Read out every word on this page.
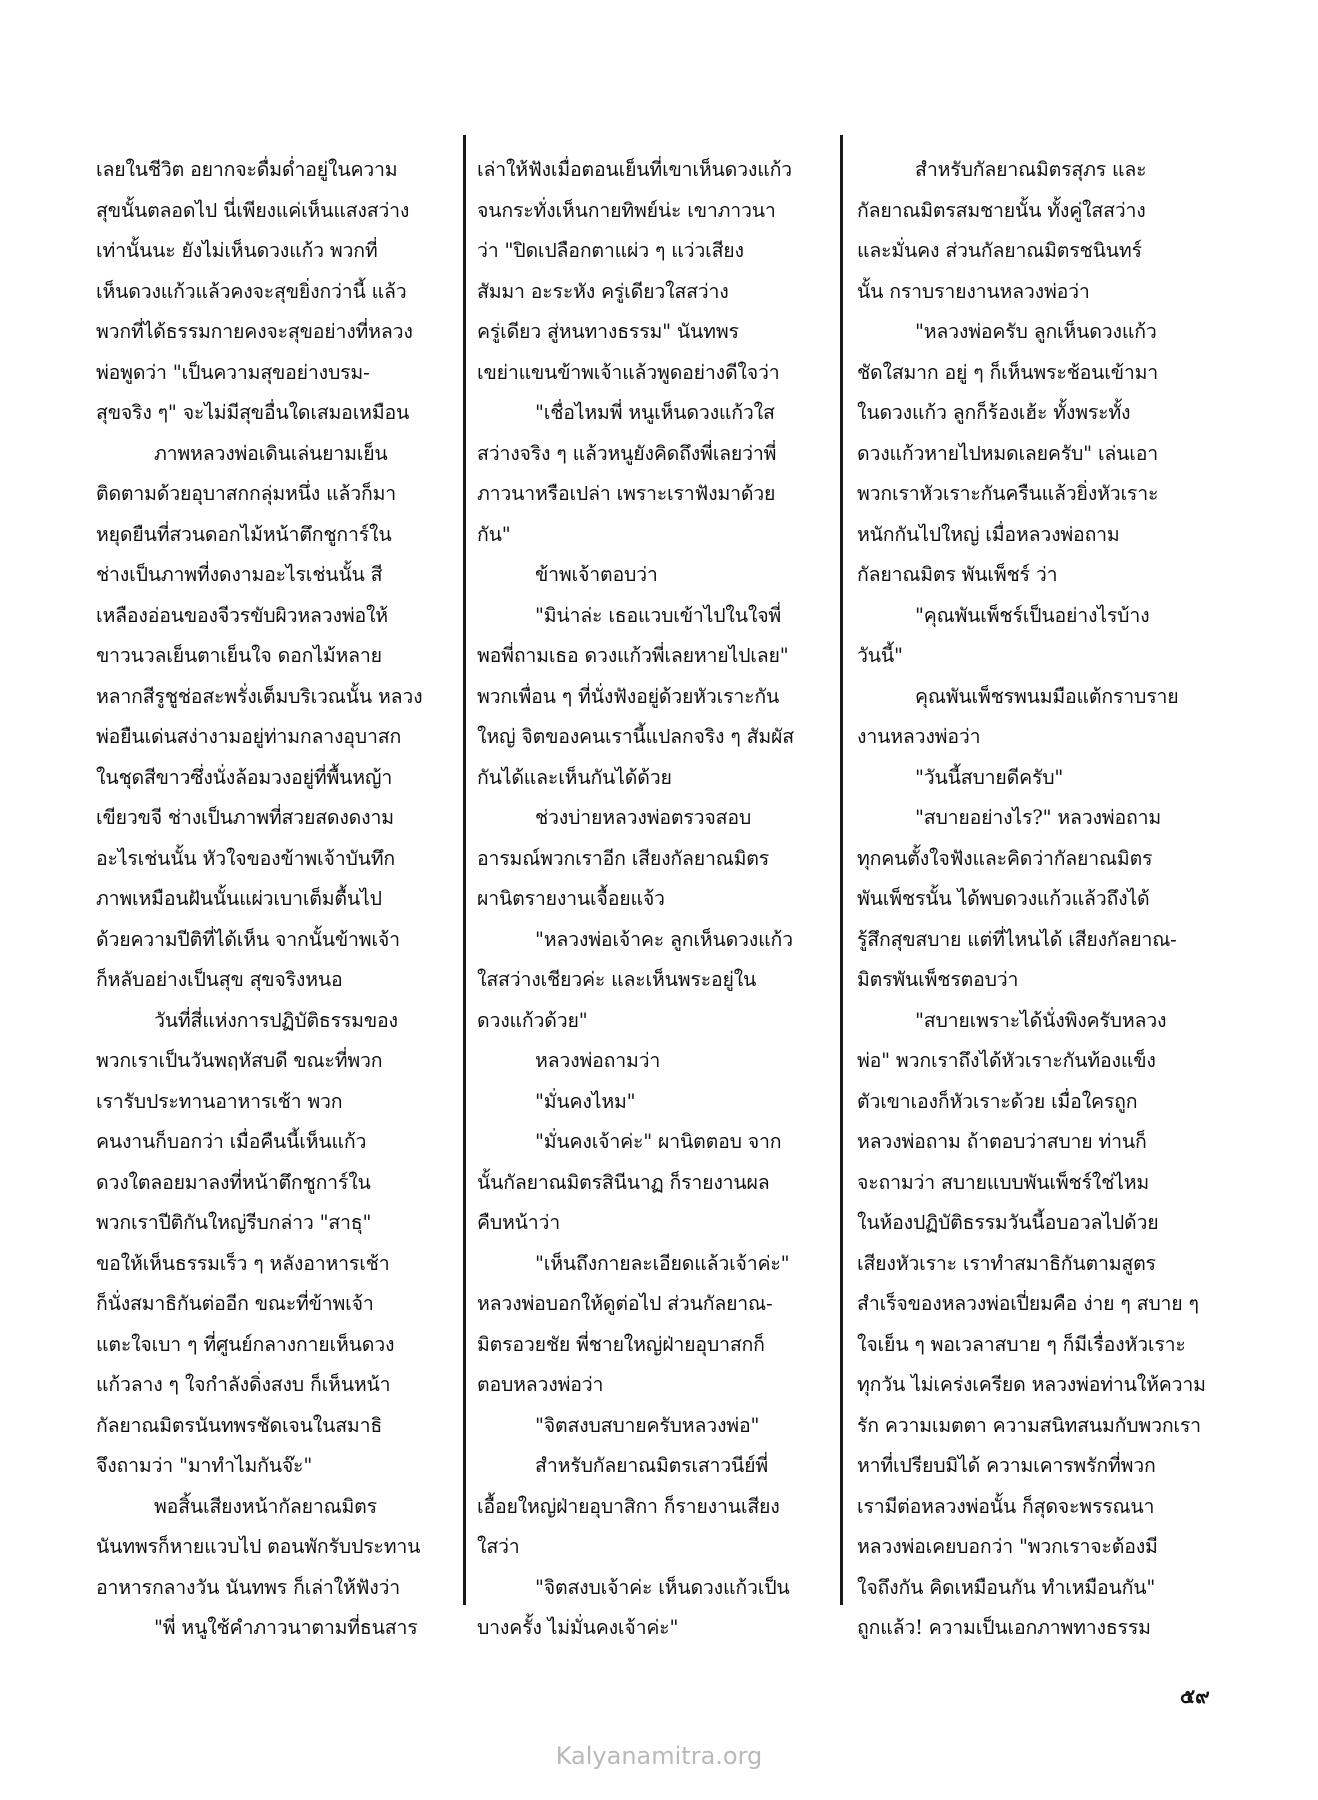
เลยในชีวิต อยากจะดื่มด่ำอยู่ในความ

สุขนั้นตลอดไป นี่เพียงแค่เห็นแสงสว่าง

เท่านั้นนะ ยังไม่เห็นดวงแก้ว พวกที่

เห็นดวงแก้วแล้วคงจะสุขยิ่งกว่านี้ แล้ว

พวกที่ได้ธรรมกายคงจะสุขอย่างที่หลวง

พ่อพูดว่า "เป็นความสุขอย่างบรม-

สุขจริง ๆ" จะไม่มีสุขอื่นใดเสมอเหมือน

ภาพหลวงพ่อเดินเล่นยามเย็น

ติดตามด้วยอุบาสกกลุ่มหนึ่ง แล้วก็มา

หยุดยืนที่สวนดอกไม้หน้าตึกชูการ์ใน

ช่างเป็นภาพที่งดงามอะไรเช่นนั้น สี

เหลืองอ่อนของจีวรขับผิวหลวงพ่อให้

ขาวนวลเย็นตาเย็นใจ ดอกไม้หลาย

หลากสีรูชูช่อสะพรั่งเต็มบริเวณนั้น หลวง

พ่อยืนเด่นสง่างามอยู่ท่ามกลางอุบาสก

ในชุดสีขาวซึ่งนั่งล้อมวงอยู่ที่พื้นหญ้า

เขียวขจี ช่างเป็นภาพที่สวยสดงดงาม

อะไรเช่นนั้น หัวใจของข้าพเจ้าบันทึก

ภาพเหมือนฝันนั้นแผ่วเบาเต็มตื้นไป

ด้วยความปีติที่ได้เห็น จากนั้นข้าพเจ้า

ก็หลับอย่างเป็นสุข สุขจริงหนอ

วันที่สี่แห่งการปฏิบัติธรรมของ

พวกเราเป็นวันพฤหัสบดี ขณะที่พวก

เรารับประทานอาหารเช้า พวก

คนงานก็บอกว่า เมื่อคืนนี้เห็นแก้ว

ดวงใตลอยมาลงที่หน้าตึกชูการ์ใน

พวกเราปีติกันใหญ่รีบกล่าว "สาธุ"

ขอให้เห็นธรรมเร็ว ๆ หลังอาหารเช้า

ก็นั่งสมาธิกันต่ออีก ขณะที่ข้าพเจ้า

แตะใจเบา ๆ ที่ศูนย์กลางกายเห็นดวง

แก้วลาง ๆ ใจกำลังดิ่งสงบ ก็เห็นหน้า

กัลยาณมิตรนันทพรชัดเจนในสมาธิ

จึงถามว่า "มาทำไมกันจ๊ะ"

พอสิ้นเสียงหน้ากัลยาณมิตร

นันทพรก็หายแวบไป ตอนพักรับประทาน

อาหารกลางวัน นันทพร ก็เล่าให้ฟังว่า

"พี่ หนูใช้คำภาวนาตามที่ธนสาร

เล่าให้ฟังเมื่อตอนเย็นที่เขาเห็นดวงแก้ว

จนกระทั่งเห็นกายทิพย์น่ะ เขาภาวนา

ว่า "ปิดเปลือกตาแผ่ว ๆ แว่วเสียง

สัมมา อะระหัง ครู่เดียวใสสว่าง

ครู่เดียว สู่หนทางธรรม" นันทพร

เขย่าแขนข้าพเจ้าแล้วพูดอย่างดีใจว่า

"เชื่อไหมพี่ หนูเห็นดวงแก้วใส

สว่างจริง ๆ แล้วหนูยังคิดถึงพี่เลยว่าพี่

ภาวนาหรือเปล่า เพราะเราฟังมาด้วย

กัน"

ข้าพเจ้าตอบว่า

"มิน่าล่ะ เธอแวบเข้าไปในใจพี่

พอพี่ถามเธอ ดวงแก้วพี่เลยหายไปเลย"

พวกเพื่อน ๆ ที่นั่งฟังอยู่ด้วยหัวเราะกัน

ใหญ่ จิตของคนเรานี้แปลกจริง ๆ สัมผัส

กันได้และเห็นกันได้ด้วย

ช่วงบ่ายหลวงพ่อตรวจสอบ

อารมณ์พวกเราอีก เสียงกัลยาณมิตร

ผานิตรายงานเจื้อยแจ้ว

"หลวงพ่อเจ้าคะ ลูกเห็นดวงแก้ว

ใสสว่างเชียวค่ะ และเห็นพระอยู่ใน

ดวงแก้วด้วย"

หลวงพ่อถามว่า

"มั่นคงไหม"

"มั่นคงเจ้าค่ะ" ผานิตตอบ จาก

นั้นกัลยาณมิตรสินีนาฏ ก็รายงานผล

คืบหน้าว่า

"เห็นถึงกายละเอียดแล้วเจ้าค่ะ"

หลวงพ่อบอกให้ดูต่อไป ส่วนกัลยาณ-

มิตรอวยชัย พี่ชายใหญ่ฝ่ายอุบาสกก็

ตอบหลวงพ่อว่า

"จิตสงบสบายครับหลวงพ่อ"

สำหรับกัลยาณมิตรเสาวนีย์พี่

เอื้อยใหญ่ฝ่ายอุบาสิกา ก็รายงานเสียง

ใสว่า

"จิตสงบเจ้าค่ะ เห็นดวงแก้วเป็น

บางครั้ง ไม่มั่นคงเจ้าค่ะ"

สำหรับกัลยาณมิตรสุภร และ

กัลยาณมิตรสมชายนั้น ทั้งคู่ใสสว่าง

และมั่นคง ส่วนกัลยาณมิตรชนินทร์

นั้น กราบรายงานหลวงพ่อว่า

"หลวงพ่อครับ ลูกเห็นดวงแก้ว

ชัดใสมาก อยู่ ๆ ก็เห็นพระช้อนเข้ามา

ในดวงแก้ว ลูกก็ร้องเฮ้ะ ทั้งพระทั้ง

ดวงแก้วหายไปหมดเลยครับ" เล่นเอา

พวกเราหัวเราะกันครืนแล้วยิ่งหัวเราะ

หนักกันไปใหญ่ เมื่อหลวงพ่อถาม

กัลยาณมิตร พันเพ็ชร์ ว่า

"คุณพันเพ็ชร์เป็นอย่างไรบ้าง

วันนี้"

คุณพันเพ็ชรพนมมือแต้กราบราย

งานหลวงพ่อว่า

"วันนี้สบายดีครับ"

"สบายอย่างไร?" หลวงพ่อถาม

ทุกคนตั้งใจฟังและคิดว่ากัลยาณมิตร

พันเพ็ชรนั้น ได้พบดวงแก้วแล้วถึงได้

รู้สึกสุขสบาย แต่ที่ไหนได้ เสียงกัลยาณ-

มิตรพันเพ็ชรตอบว่า

"สบายเพราะได้นั่งพิงครับหลวง

พ่อ" พวกเราถึงได้หัวเราะกันท้องแข็ง

ตัวเขาเองก็หัวเราะด้วย เมื่อใครถูก

หลวงพ่อถาม ถ้าตอบว่าสบาย ท่านก็

จะถามว่า สบายแบบพันเพ็ชร์ใช่ไหม

ในห้องปฏิบัติธรรมวันนี้อบอวลไปด้วย

เสียงหัวเราะ เราทำสมาธิกันตามสูตร

สำเร็จของหลวงพ่อเปี่ยมคือ ง่าย ๆ สบาย ๆ

ใจเย็น ๆ พอเวลาสบาย ๆ ก็มีเรื่องหัวเราะ

ทุกวัน ไม่เคร่งเครียด หลวงพ่อท่านให้ความ

รัก ความเมตตา ความสนิทสนมกับพวกเรา

หาที่เปรียบมิได้ ความเคารพรักที่พวก

เรามีต่อหลวงพ่อนั้น ก็สุดจะพรรณนา

หลวงพ่อเคยบอกว่า "พวกเราจะต้องมี

ใจถึงกัน คิดเหมือนกัน ทำเหมือนกัน"

ถูกแล้ว! ความเป็นเอกภาพทางธรรม

๕๙
Kalyanamitra.org
